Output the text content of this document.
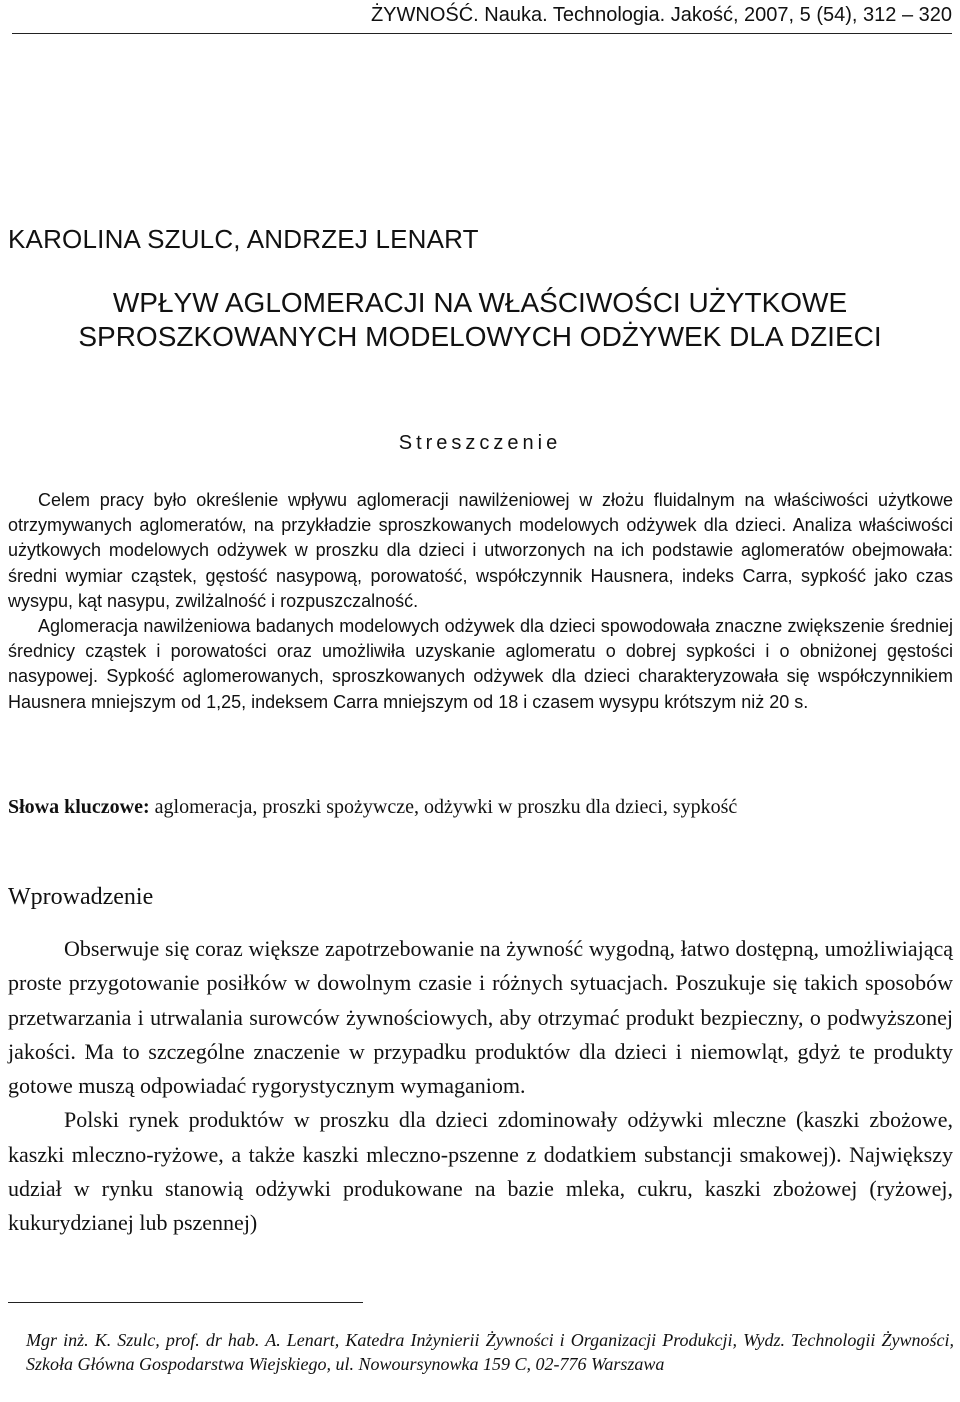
ŻYWNOŚĆ. Nauka. Technologia. Jakość, 2007, 5 (54), 312 – 320
KAROLINA SZULC, ANDRZEJ LENART
WPŁYW AGLOMERACJI NA WŁAŚCIWOŚCI UŻYTKOWE
SPROSZKOWANYCH MODELOWYCH ODŻYWEK DLA DZIECI
Streszczenie

Celem pracy było określenie wpływu aglomeracji nawilżeniowej w złożu fluidalnym na właściwości użytkowe otrzymywanych aglomeratów, na przykładzie sproszkowanych modelowych odżywek dla dzieci. Analiza właściwości użytkowych modelowych odżywek w proszku dla dzieci i utworzonych na ich podstawie aglomeratów obejmowała: średni wymiar cząstek, gęstość nasypową, porowatość, współczynnik Hausnera, indeks Carra, sypkość jako czas wysypu, kąt nasypu, zwilżalność i rozpuszczalność.

Aglomeracja nawilżeniowa badanych modelowych odżywek dla dzieci spowodowała znaczne zwiększenie średniej średnicy cząstek i porowatości oraz umożliwiła uzyskanie aglomeratu o dobrej sypkości i o obniżonej gęstości nasypowej. Sypkość aglomerowanych, sproszkowanych odżywek dla dzieci charakteryzowała się współczynnikiem Hausnera mniejszym od 1,25, indeksem Carra mniejszym od 18 i czasem wysypu krótszym niż 20 s.

Słowa kluczowe: aglomeracja, proszki spożywcze, odżywki w proszku dla dzieci, sypkość
Wprowadzenie

Obserwuje się coraz większe zapotrzebowanie na żywność wygodną, łatwo dostępną, umożliwiającą proste przygotowanie posiłków w dowolnym czasie i różnych sytuacjach. Poszukuje się takich sposobów przetwarzania i utrwalania surowców żywnościowych, aby otrzymać produkt bezpieczny, o podwyższonej jakości. Ma to szczególne znaczenie w przypadku produktów dla dzieci i niemowląt, gdyż te produkty gotowe muszą odpowiadać rygorystycznym wymaganiom.

Polski rynek produktów w proszku dla dzieci zdominowały odżywki mleczne (kaszki zbożowe, kaszki mleczno-ryżowe, a także kaszki mleczno-pszenne z dodatkiem substancji smakowej). Największy udział w rynku stanowią odżywki produkowane na bazie mleka, cukru, kaszki zbożowej (ryżowej, kukurydzianej lub pszennej)

Mgr inż. K. Szulc, prof. dr hab. A. Lenart, Katedra Inżynierii Żywności i Organizacji Produkcji, Wydz. Technologii Żywności, Szkoła Główna Gospodarstwa Wiejskiego, ul. Nowoursynowka 159 C, 02-776 Warszawa
